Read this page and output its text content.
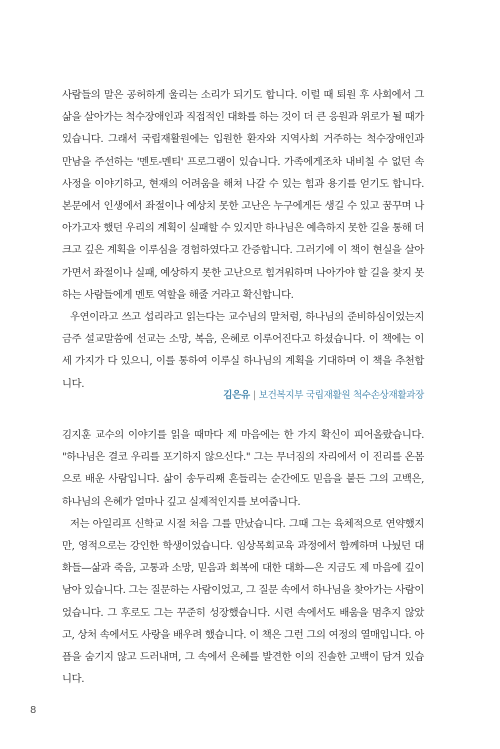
사람들의 말은 공허하게 울리는 소리가 되기도 합니다. 이럴 때 퇴원 후 사회에서 그 삶을 살아가는 척수장애인과 직접적인 대화를 하는 것이 더 큰 응원과 위로가 될 때가 있습니다. 그래서 국립재활원에는 입원한 환자와 지역사회 거주하는 척수장애인과 만남을 주선하는 '멘토-멘티' 프로그램이 있습니다. 가족에게조차 내비칠 수 없던 속사정을 이야기하고, 현재의 어려움을 해쳐 나갈 수 있는 힘과 용기를 얻기도 합니다. 본문에서 인생에서 좌절이나 예상치 못한 고난은 누구에게든 생길 수 있고 꿈꾸며 나아가고자 했던 우리의 계획이 실패할 수 있지만 하나님은 예측하지 못한 길을 통해 더 크고 깊은 계획을 이루심을 경험하였다고 간증합니다. 그러기에 이 책이 현실을 살아가면서 좌절이나 실패, 예상하지 못한 고난으로 힘겨워하며 나아가야 할 길을 찾지 못하는 사람들에게 멘토 역할을 해줄 거라고 확신합니다.

우연이라고 쓰고 섭리라고 읽는다는 교수님의 말처럼, 하나님의 준비하심이었는지 금주 설교말씀에 선교는 소망, 복음, 은혜로 이루어진다고 하셨습니다. 이 책에는 이 세 가지가 다 있으니, 이를 통하여 이루실 하나님의 계획을 기대하며 이 책을 추천합니다.

김은유 | 보건복지부 국립재활원 척수손상재활과장

김지훈 교수의 이야기를 읽을 때마다 제 마음에는 한 가지 확신이 피어올랐습니다. "하나님은 결코 우리를 포기하지 않으신다." 그는 무너짐의 자리에서 이 진리를 온몸으로 배운 사람입니다. 삶이 송두리째 흔들리는 순간에도 믿음을 붙든 그의 고백은, 하나님의 은혜가 얼마나 깊고 실제적인지를 보여줍니다.

저는 아일리프 신학교 시절 처음 그를 만났습니다. 그때 그는 육체적으로 연약했지만, 영적으로는 강인한 학생이었습니다. 임상목회교육 과정에서 함께하며 나눴던 대화들—삶과 죽음, 고통과 소망, 믿음과 회복에 대한 대화—은 지금도 제 마음에 깊이 남아 있습니다. 그는 질문하는 사람이었고, 그 질문 속에서 하나님을 찾아가는 사람이었습니다. 그 후로도 그는 꾸준히 성장했습니다. 시련 속에서도 배움을 멈추지 않았고, 상처 속에서도 사랑을 배우려 했습니다. 이 책은 그런 그의 여정의 열매입니다. 아픔을 숨기지 않고 드러내며, 그 속에서 은혜를 발견한 이의 진솔한 고백이 담겨 있습니다.

8
